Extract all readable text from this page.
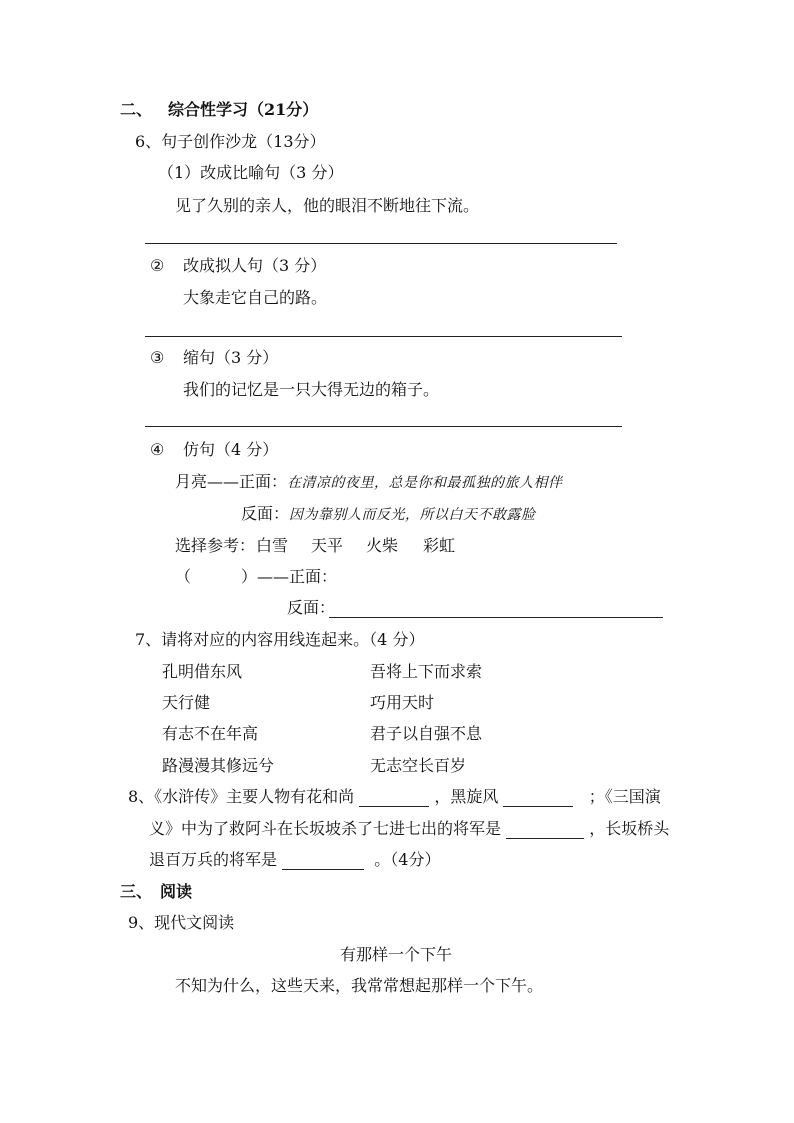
二、 综合性学习（21分）
6、句子创作沙龙（13分）
（1）改成比喻句（3 分）
见了久别的亲人，他的眼泪不断地往下流。
② 改成拟人句（3 分）
大象走它自己的路。
③ 缩句（3 分）
我们的记忆是一只大得无边的箱子。
④ 仿句（4 分）
月亮——正面：在清凉的夜里，总是你和最孤独的旅人相伴
反面：因为靠别人而反光，所以白天不敢露脸
选择参考： 白雪 天平 火柴 彩虹
（	）——正面：
反面：
7、请将对应的内容用线连起来。（4 分）
孔明借东风	吾将上下而求索
天行健	巧用天时
有志不在年高	君子以自强不息
路漫漫其修远兮	无志空长百岁
8、《水浒传》主要人物有花和尚	，黑旋风	；《三国演
义》中为了救阿斗在长坂坡杀了七进七出的将军是	，长坂桥头
退百万兵的将军是	。（4分）
三、 阅读
9、现代文阅读
有那样一个下午
不知为什么，这些天来，我常常想起那样一个下午。
